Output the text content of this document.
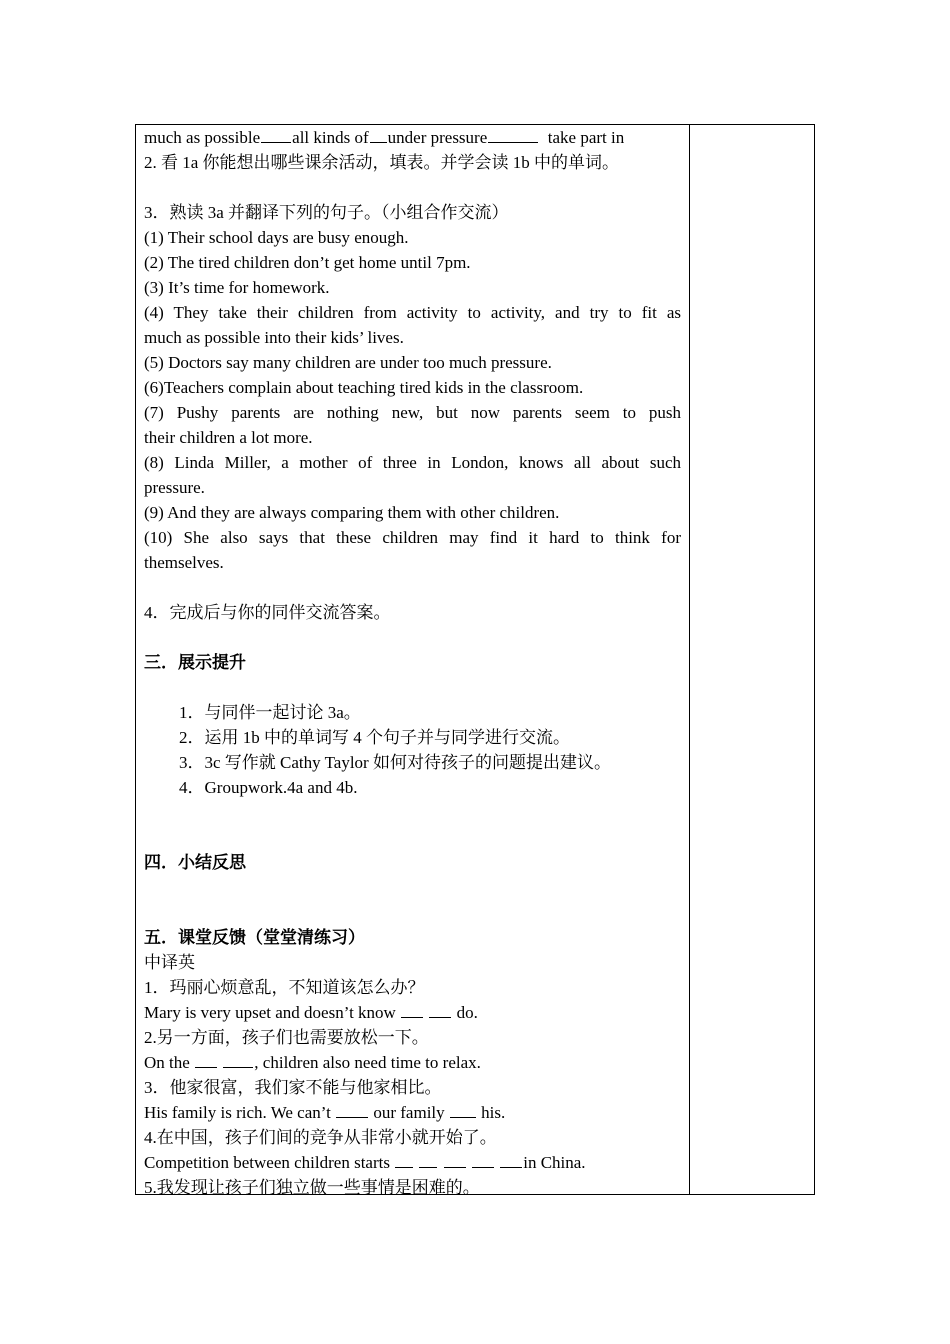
much as possible all kinds of under pressure	take part in
2. 看 1a 你能想出哪些课余活动，填表。并学会读 1b 中的单词。
3．熟读 3a 并翻译下列的句子。（小组合作交流）
(1) Their school days are busy enough.
(2) The tired children don’t get home until 7pm.
(3) It’s time for homework.
(4) They take their children from activity to activity, and try to fit as
much as possible into their kids’ lives.
(5) Doctors say many children are under too much pressure.
(6)Teachers complain about teaching tired kids in the classroom.
(7) Pushy parents are nothing new, but now parents seem to push
their children a lot more.
(8) Linda Miller, a mother of three in London, knows all about such
pressure.
(9) And they are always comparing them with other children.
(10) She also says that these children may find it hard to think for
themselves.
4．完成后与你的同伴交流答案。
三．展示提升
1．与同伴一起讨论 3a。
2．运用 1b 中的单词写 4 个句子并与同学进行交流。
3．3c 写作就 Cathy Taylor 如何对待孩子的问题提出建议。
4．Groupwork.4a and 4b.
四．小结反思
五．课堂反馈（堂堂清练习）
中译英
1．玛丽心烦意乱，不知道该怎么办？
Mary is very upset and doesn’t know	do.
2.另一方面，孩子们也需要放松一下。
On the	, children also need time to relax.
3．他家很富，我们家不能与他家相比。
His family is rich. We can’t	our family his.
4.在中国，孩子们间的竞争从非常小就开始了。
Competition between children starts	in China.
5.我发现让孩子们独立做一些事情是困难的。
